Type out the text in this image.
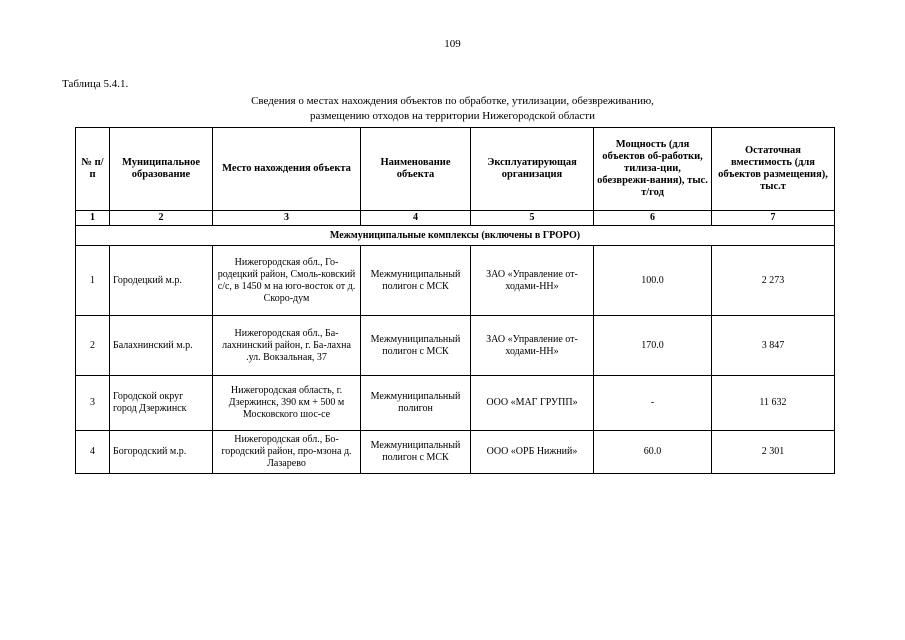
109
Таблица 5.4.1.
Сведения о местах нахождения объектов по обработке, утилизации, обезвреживанию,
размещению отходов на территории Нижегородской области
№ п/п	Муниципальное образование	Место нахождения объекта	Наименование объекта	Эксплуатирующая организация	Мощность (для объектов об-работки, тилиза-ции, обезврежи-вания), тыс. т/год	Остаточная вместимость (для объектов размещения), тыс.т
1	2	3	4	5	6	7
Межмуниципальные комплексы (включены в ГРОРО)						
1	Городецкий м.р.	Нижегородская обл., Го-родецкий район, Смоль-ковский с/с, в 1450 м на юго-восток от д. Скоро-дум	Межмуниципальный полигон с МСК	ЗАО «Управление от-ходами-НН»	100.0	2 273
2	Балахнинский м.р.	Нижегородская обл., Ба-лахнинский район, г. Ба-лахна .ул. Вокзальная, 37	Межмуниципальный полигон с МСК	ЗАО «Управление от-ходами-НН»	170.0	3 847
3	Городской округ город Дзержинск	Нижегородская область, г. Дзержинск, 390 км + 500 м Московского шос-се	Межмуниципальный полигон	ООО «МАГ ГРУПП»	-	11 632
4	Богородский м.р.	Нижегородская обл., Бо-городский район, про-мзона д. Лазарево	Межмуниципальный полигон с МСК	ООО «ОРБ Нижний»	60.0	2 301
